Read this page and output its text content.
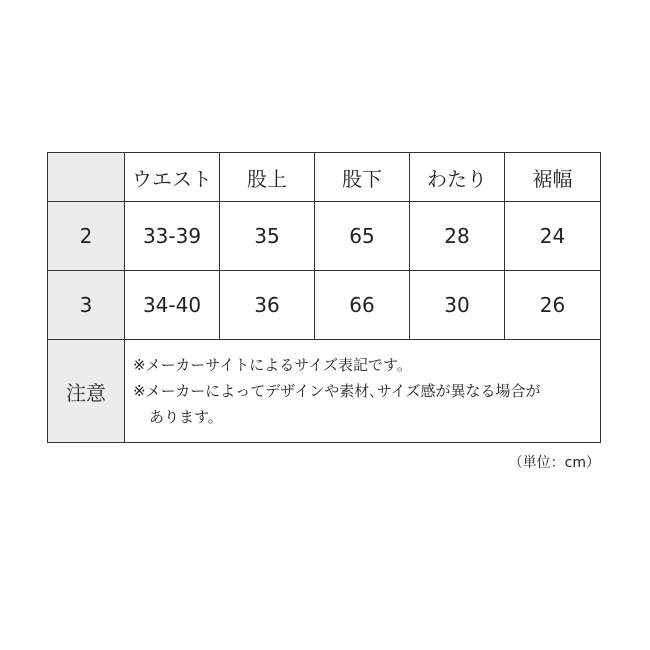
	ウエスト	股上	股下	わたり	裾幅
2	33-39	35	65	28	24
3	34-40	36	66	30	26
注意	※メーカーサイトによるサイズ表記です。
※メーカーによってデザインや素材､サイズ感が異なる場合が
あります。				
（単位：cm）
